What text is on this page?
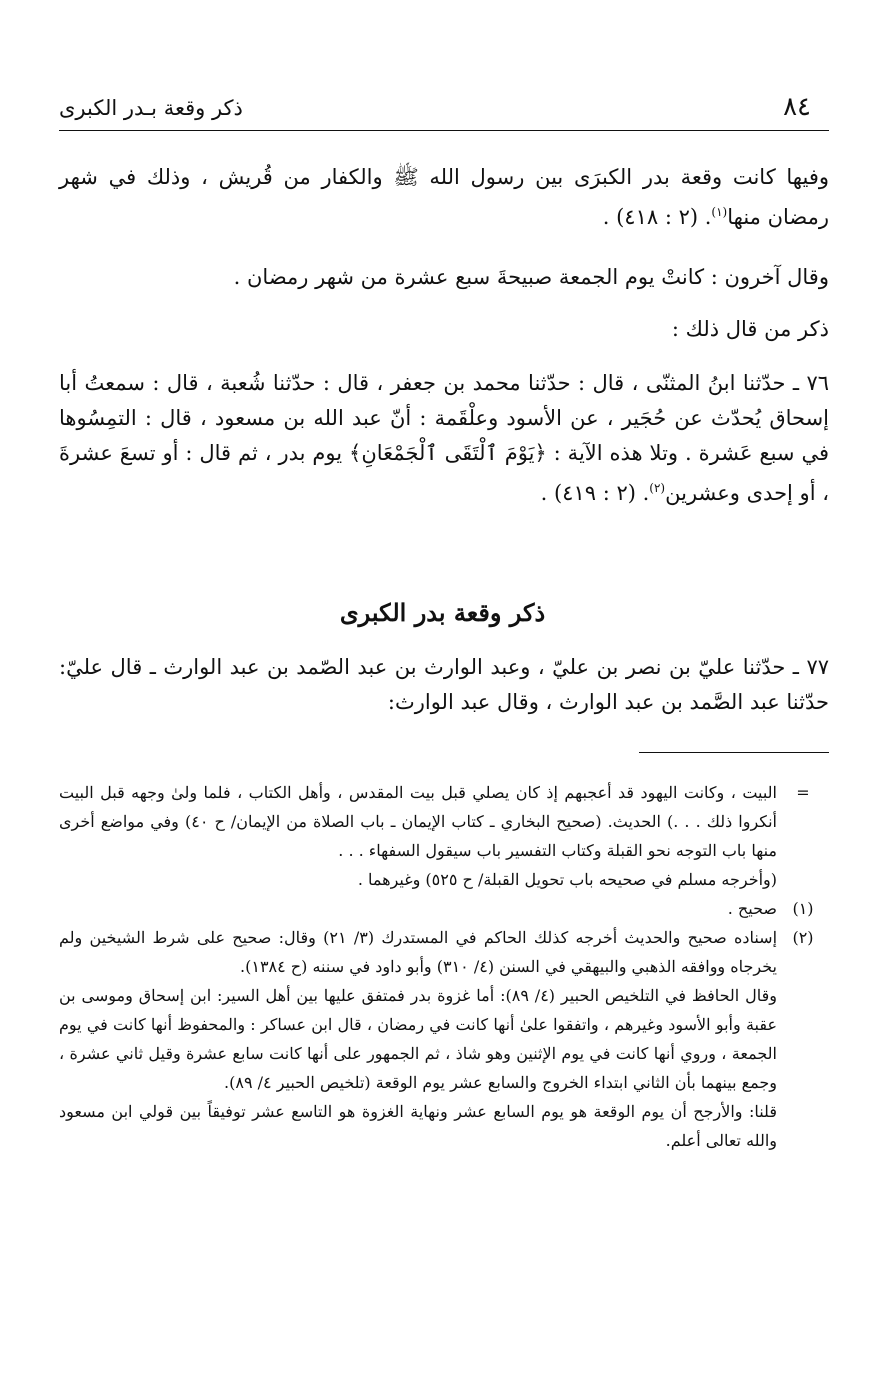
٨٤
ذكر وقعة بـدر الكبرى
وفيها كانت وقعة بدر الكبرَى بين رسول الله ﷺ والكفار من قُريش ، وذلك في شهر رمضان منها$^{(١)}$. (٢ : ٤١٨) .
وقال آخرون : كانتْ يوم الجمعة صبيحةَ سبع عشرة من شهر رمضان .
ذكر من قال ذلك :
٧٦ ـ حدّثنا ابنُ المثنّى ، قال : حدّثنا محمد بن جعفر ، قال : حدّثنا شُعبة ، قال : سمعتُ أبا إسحاق يُحدّث عن حُجَير ، عن الأسود وعلْقَمة : أنّ عبد الله بن مسعود ، قال : التمِسُوها في سبع عَشرة . وتلا هذه الآية : ﴿يَوْمَ ٱلْتَقَى ٱلْجَمْعَانِ﴾ يوم بدر ، ثم قال : أو تسعَ عشرةَ ، أو إحدى وعشرين$^{(٢)}$. (٢ : ٤١٩) .
ذكر وقعة بدر الكبرى
٧٧ ـ حدّثنا عليّ بن نصر بن عليّ ، وعبد الوارث بن عبد الصّمد بن عبد الوارث ـ قال عليّ: حدّثنا عبد الصَّمد بن عبد الوارث ، وقال عبد الوارث:
=
البيت ، وكانت اليهود قد أعجبهم إذ كان يصلي قبل بيت المقدس ، وأهل الكتاب ، فلما ولىٰ وجهه قبل البيت أنكروا ذلك . . .) الحديث. (صحيح البخاري ـ كتاب الإيمان ـ باب الصلاة من الإيمان/ ح ٤٠) وفي مواضع أخرى منها باب التوجه نحو القبلة وكتاب التفسير باب سيقول السفهاء . . .
(وأخرجه مسلم في صحيحه باب تحويل القبلة/ ح ٥٢٥) وغيرهما .
(١)
صحيح .
(٢)
إسناده صحيح والحديث أخرجه كذلك الحاكم في المستدرك (٣/ ٢١) وقال: صحيح على شرط الشيخين ولم يخرجاه ووافقه الذهبي والبيهقي في السنن (٤/ ٣١٠) وأبو داود في سننه (ح ١٣٨٤).
وقال الحافظ في التلخيص الحبير (٤/ ٨٩): أما غزوة بدر فمتفق عليها بين أهل السير: ابن إسحاق وموسى بن عقبة وأبو الأسود وغيرهم ، واتفقوا علىٰ أنها كانت في رمضان ، قال ابن عساكر : والمحفوظ أنها كانت في يوم الجمعة ، وروي أنها كانت في يوم الإثنين وهو شاذ ، ثم الجمهور على أنها كانت سابع عشرة وقيل ثاني عشرة ، وجمع بينهما بأن الثاني ابتداء الخروج والسابع عشر يوم الوقعة (تلخيص الحبير ٤/ ٨٩).
قلنا: والأرجح أن يوم الوقعة هو يوم السابع عشر ونهاية الغزوة هو التاسع عشر توفيقاً بين قولي ابن مسعود والله تعالى أعلم.
